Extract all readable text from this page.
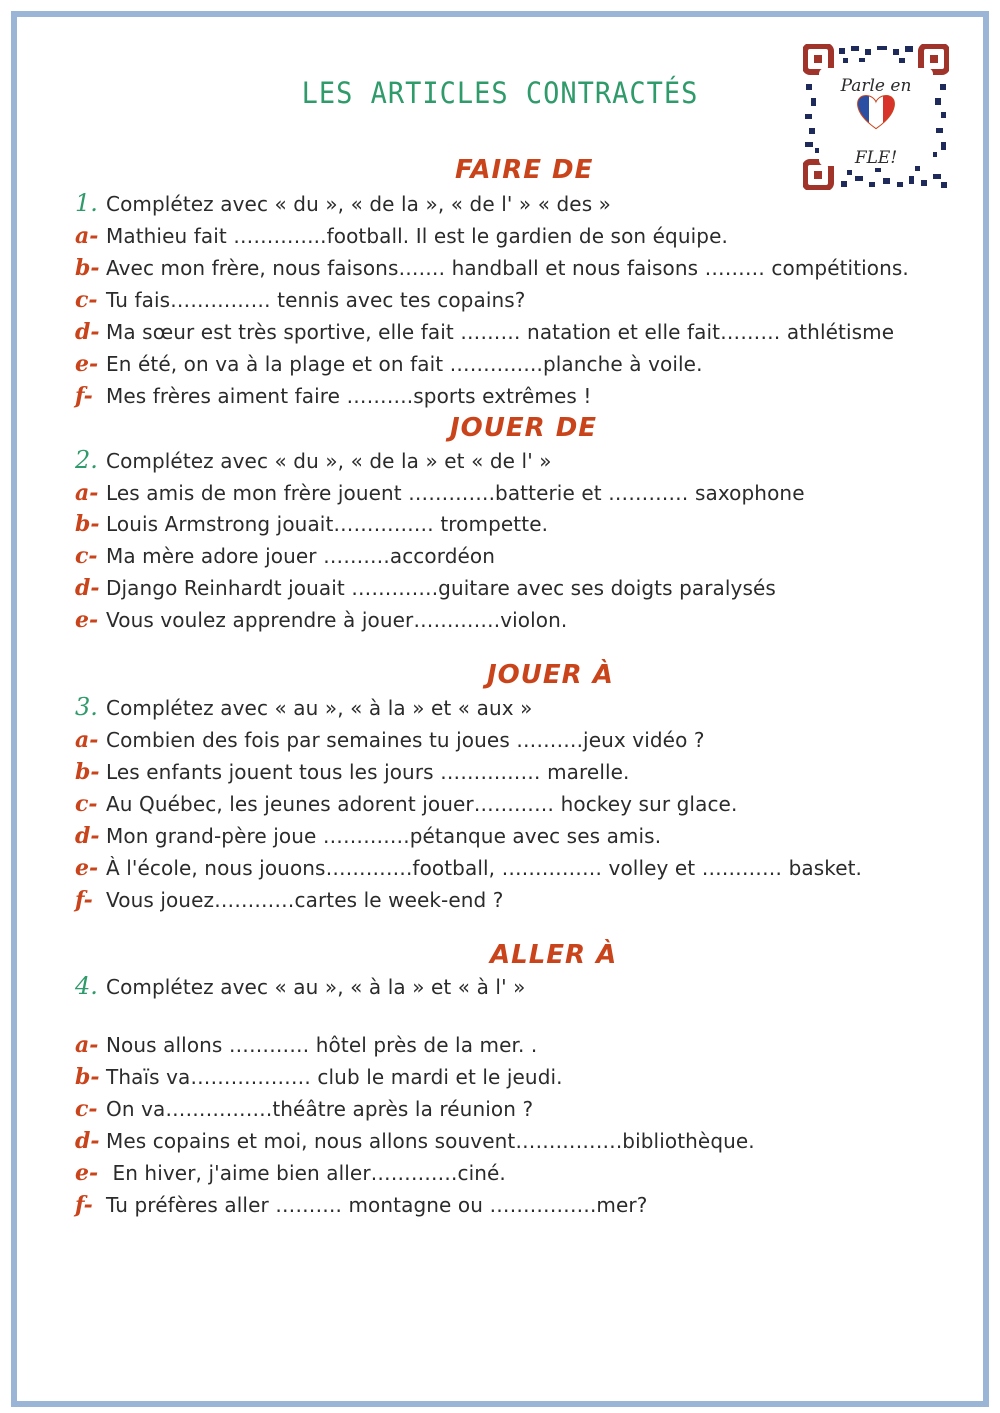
LES ARTICLES CONTRACTÉS	Parle en
FLE!
FAIRE DE
1. Complétez avec « du », « de la », « de l' » « des »
a- Mathieu fait …………..football. Il est le gardien de son équipe.
b- Avec mon frère, nous faisons……. handball et nous faisons ……… compétitions.
c- Tu fais…………… tennis avec tes copains?
d- Ma sœur est très sportive, elle fait ……… natation et elle fait……… athlétisme
e- En été, on va à la plage et on fait …………..planche à voile.
f- Mes frères aiment faire ……….sports extrêmes !
JOUER DE
2. Complétez avec « du », « de la » et « de l' »
a- Les amis de mon frère jouent ………….batterie et ………… saxophone
b- Louis Armstrong jouait…………… trompette.
c- Ma mère adore jouer ……….accordéon
d- Django Reinhardt jouait ………….guitare avec ses doigts paralysés
e- Vous voulez apprendre à jouer………….violon.
JOUER À
3. Complétez avec « au », « à la » et « aux »
a- Combien des fois par semaines tu joues ……….jeux vidéo ?
b- Les enfants jouent tous les jours …………… marelle.
c- Au Québec, les jeunes adorent jouer………… hockey sur glace.
d- Mon grand-père joue ………….pétanque avec ses amis.
e- À l'école, nous jouons………….football, …………… volley et ………… basket.
f- Vous jouez…………cartes le week-end ?
ALLER À
4. Complétez avec « au », « à la » et « à l' »
a- Nous allons ………… hôtel près de la mer. .
b- Thaïs va……………… club le mardi et le jeudi.
c- On va…………….théâtre après la réunion ?
d- Mes copains et moi, nous allons souvent…………….bibliothèque.
e- En hiver, j'aime bien aller………….ciné.
f- Tu préfères aller ………. montagne ou …………….mer?
